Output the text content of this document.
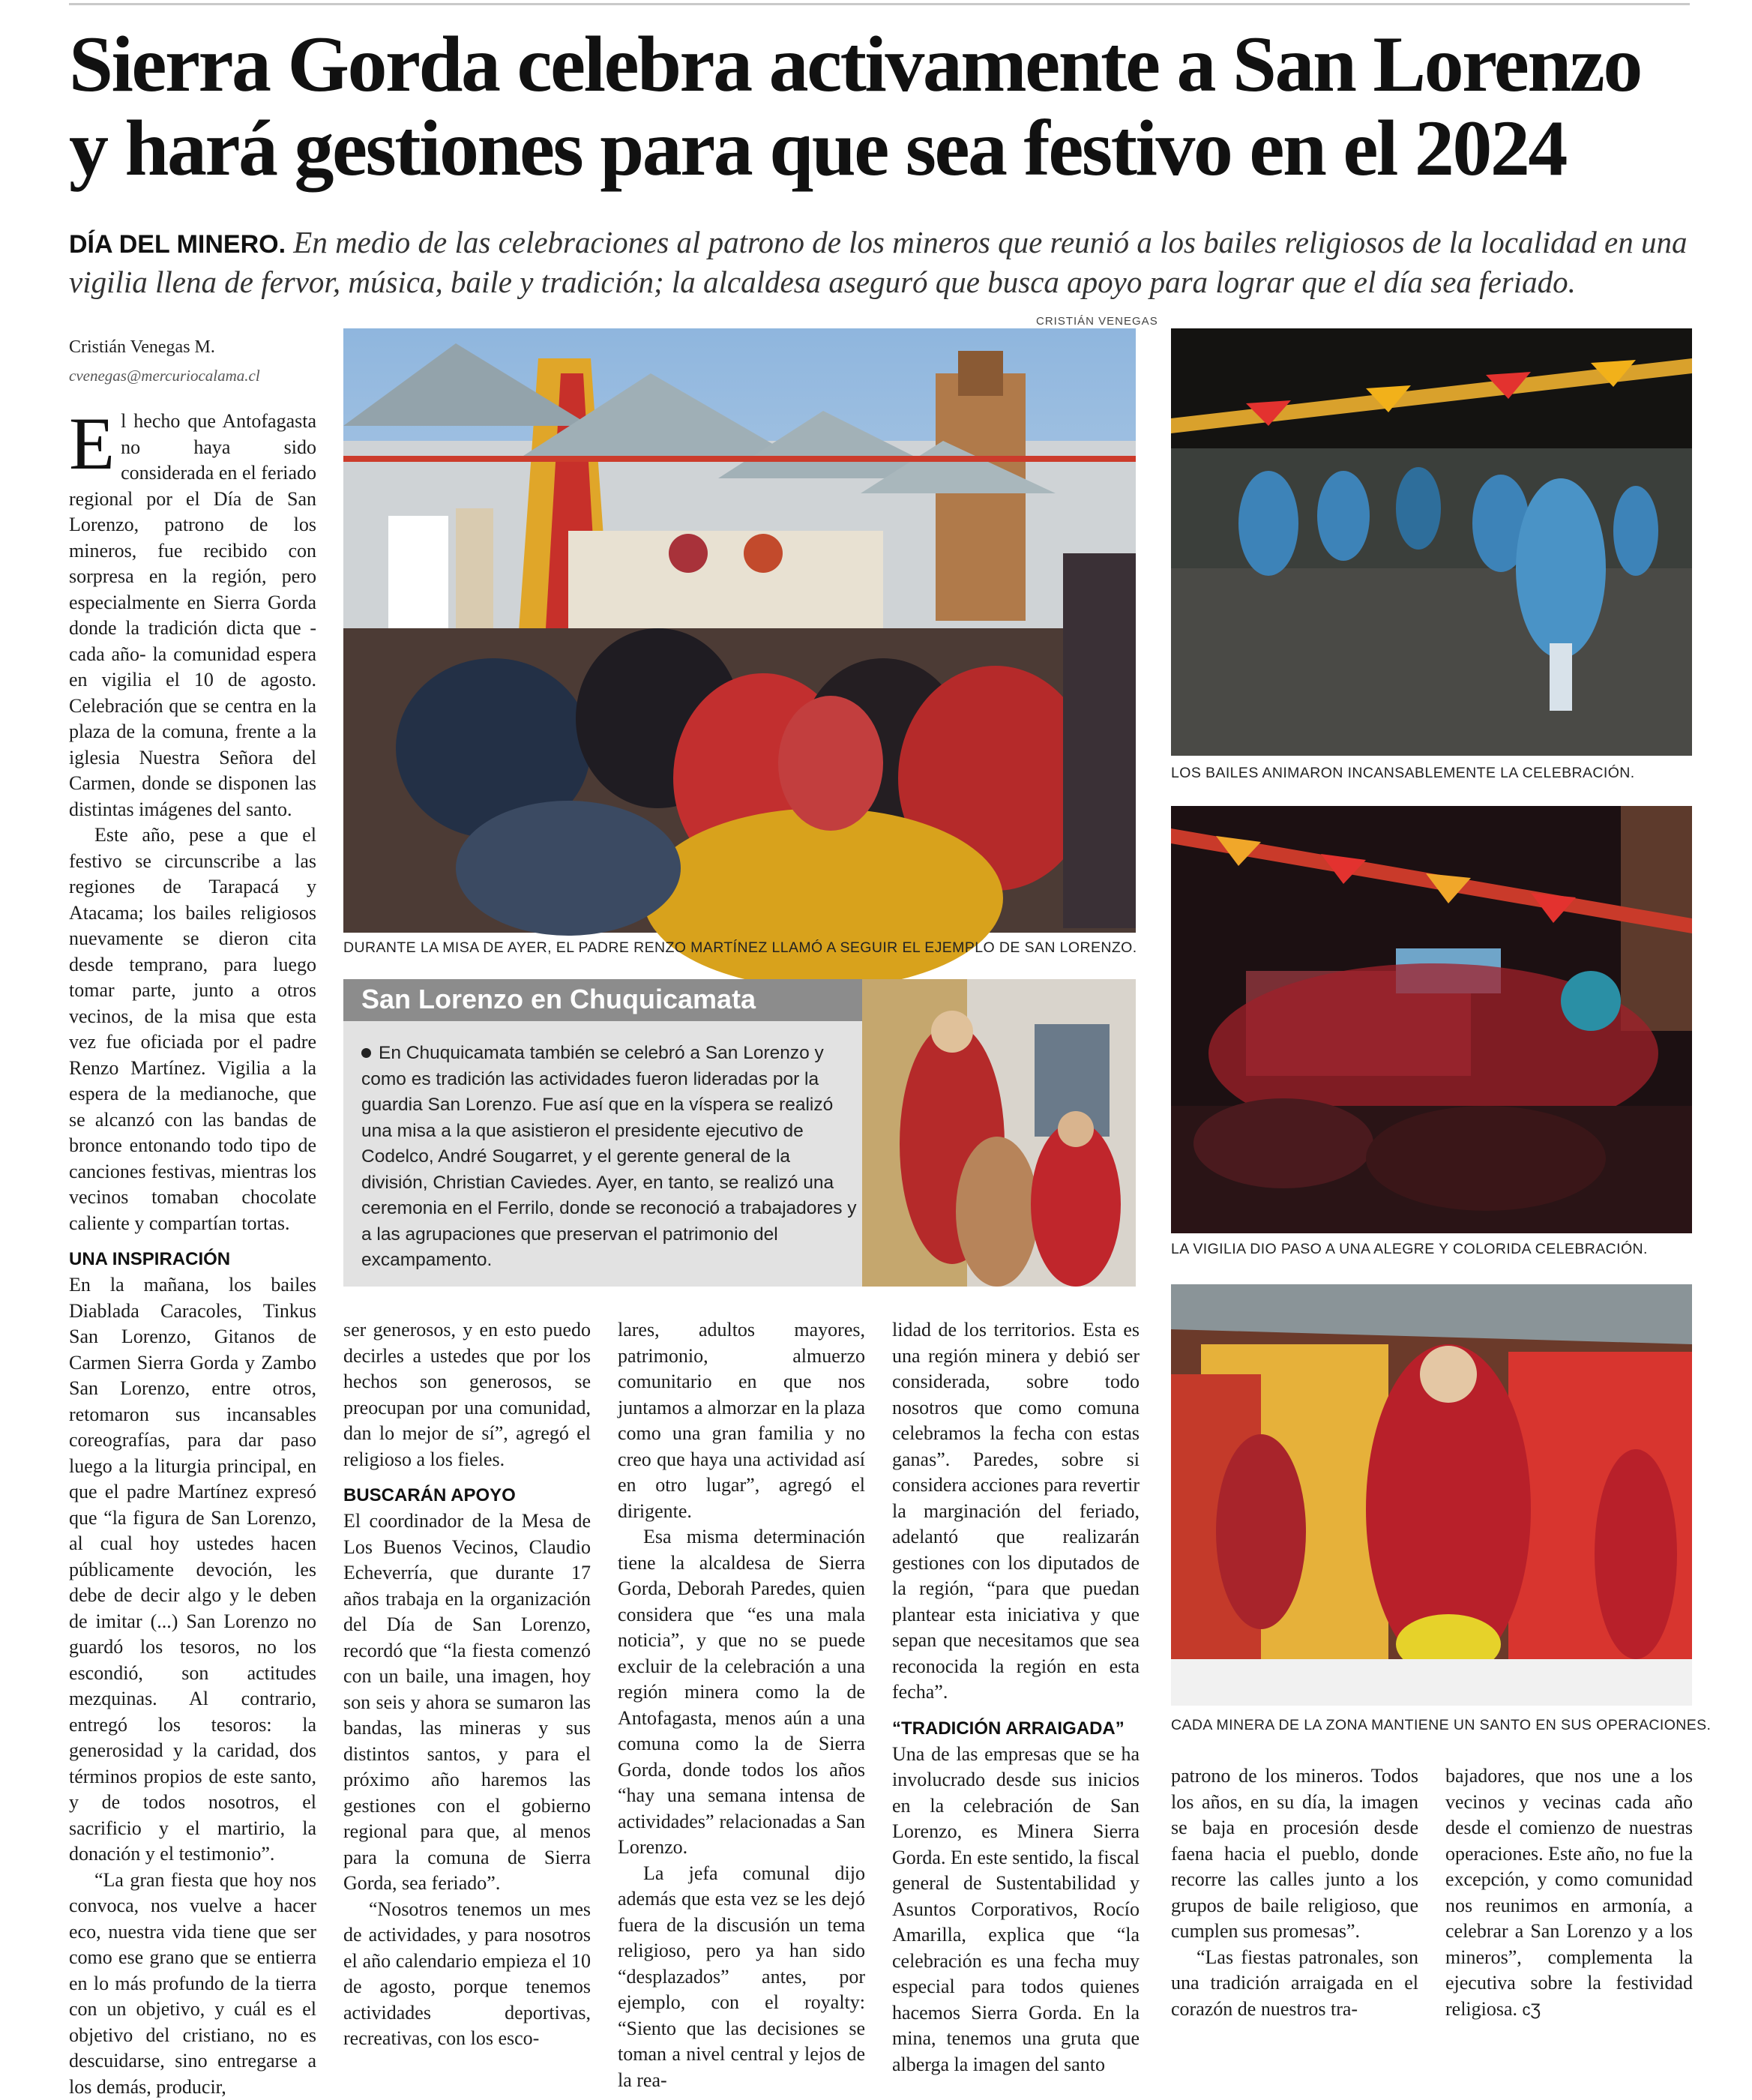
Sierra Gorda celebra activamente a San Lorenzo
y hará gestiones para que sea festivo en el 2024
DÍA DEL MINERO. En medio de las celebraciones al patrono de los mineros que reunió a los bailes religiosos de la localidad en una vigilia llena de fervor, música, baile y tradición; la alcaldesa aseguró que busca apoyo para lograr que el día sea feriado.
Cristián Venegas M.
cvenegas@mercuriocalama.cl

El hecho que Antofagasta no haya sido considerada en el feriado regional por el Día de San Lorenzo, patrono de los mineros, fue recibido con sorpresa en la región, pero especialmente en Sierra Gorda donde la tradición dicta que -cada año- la comunidad espera en vigilia el 10 de agosto. Celebración que se centra en la plaza de la comuna, frente a la iglesia Nuestra Señora del Carmen, donde se disponen las distintas imágenes del santo.

Este año, pese a que el festivo se circunscribe a las regiones de Tarapacá y Atacama; los bailes religiosos nuevamente se dieron cita desde temprano, para luego tomar parte, junto a otros vecinos, de la misa que esta vez fue oficiada por el padre Renzo Martínez. Vigilia a la espera de la medianoche, que se alcanzó con las bandas de bronce entonando todo tipo de canciones festivas, mientras los vecinos tomaban chocolate caliente y compartían tortas.

UNA INSPIRACIÓN

En la mañana, los bailes Diablada Caracoles, Tinkus San Lorenzo, Gitanos de Carmen Sierra Gorda y Zambo San Lorenzo, entre otros, retomaron sus incansables coreografías, para dar paso luego a la liturgia principal, en que el padre Martínez expresó que “la figura de San Lorenzo, al cual hoy ustedes hacen públicamente devoción, les debe de decir algo y le deben de imitar (...) San Lorenzo no guardó los tesoros, no los escondió, son actitudes mezquinas. Al contrario, entregó los tesoros: la generosidad y la caridad, dos términos propios de este santo, y de todos nosotros, el sacrificio y el martirio, la donación y el testimonio”.

“La gran fiesta que hoy nos convoca, nos vuelve a hacer eco, nuestra vida tiene que ser como ese grano que se entierra en lo más profundo de la tierra con un objetivo, y cuál es el objetivo del cristiano, no es descuidarse, sino entregarse a los demás, producir,

CRISTIÁN VENEGAS
DURANTE LA MISA DE AYER, EL PADRE RENZO MARTÍNEZ LLAMÓ A SEGUIR EL EJEMPLO DE SAN LORENZO.
LOS BAILES ANIMARON INCANSABLEMENTE LA CELEBRACIÓN.
LA VIGILIA DIO PASO A UNA ALEGRE Y COLORIDA CELEBRACIÓN.
CADA MINERA DE LA ZONA MANTIENE UN SANTO EN SUS OPERACIONES.
San Lorenzo en Chuquicamata
En Chuquicamata también se celebró a San Lorenzo y como es tradición las actividades fueron lideradas por la guardia San Lorenzo. Fue así que en la víspera se realizó una misa a la que asistieron el presidente ejecutivo de Codelco, André Sougarret, y el gerente general de la división, Christian Caviedes. Ayer, en tanto, se realizó una ceremonia en el Ferrilo, donde se reconoció a trabajadores y a las agrupaciones que preservan el patrimonio del excampamento.

ser generosos, y en esto puedo decirles a ustedes que por los hechos son generosos, se preocupan por una comunidad, dan lo mejor de sí”, agregó el religioso a los fieles.

BUSCARÁN APOYO

El coordinador de la Mesa de Los Buenos Vecinos, Claudio Echeverría, que durante 17 años trabaja en la organización del Día de San Lorenzo, recordó que “la fiesta comenzó con un baile, una imagen, hoy son seis y ahora se sumaron las bandas, las mineras y sus distintos santos, y para el próximo año haremos las gestiones con el gobierno regional para que, al menos para la comuna de Sierra Gorda, sea feriado”.

“Nosotros tenemos un mes de actividades, y para nosotros el año calendario empieza el 10 de agosto, porque tenemos actividades deportivas, recreativas, con los esco-

lares, adultos mayores, patrimonio, almuerzo comunitario en que nos juntamos a almorzar en la plaza como una gran familia y no creo que haya una actividad así en otro lugar”, agregó el dirigente.

Esa misma determinación tiene la alcaldesa de Sierra Gorda, Deborah Paredes, quien considera que “es una mala noticia”, y que no se puede excluir de la celebración a una región minera como la de Antofagasta, menos aún a una comuna como la de Sierra Gorda, donde todos los años “hay una semana intensa de actividades” relacionadas a San Lorenzo.

La jefa comunal dijo además que esta vez se les dejó fuera de la discusión un tema religioso, pero ya han sido “desplazados” antes, por ejemplo, con el royalty: “Siento que las decisiones se toman a nivel central y lejos de la rea-

lidad de los territorios. Esta es una región minera y debió ser considerada, sobre todo nosotros que como comuna celebramos la fecha con estas ganas”. Paredes, sobre si considera acciones para revertir la marginación del feriado, adelantó que realizarán gestiones con los diputados de la región, “para que puedan plantear esta iniciativa y que sepan que necesitamos que sea reconocida la región en esta fecha”.

“TRADICIÓN ARRAIGADA”

Una de las empresas que se ha involucrado desde sus inicios en la celebración de San Lorenzo, es Minera Sierra Gorda. En este sentido, la fiscal general de Sustentabilidad y Asuntos Corporativos, Rocío Amarilla, explica que “la celebración es una fecha muy especial para todos quienes hacemos Sierra Gorda. En la mina, tenemos una gruta que alberga la imagen del santo

patrono de los mineros. Todos los años, en su día, la imagen se baja en procesión desde faena hacia el pueblo, donde recorre las calles junto a los grupos de baile religioso, que cumplen sus promesas”.

“Las fiestas patronales, son una tradición arraigada en el corazón de nuestros tra-

bajadores, que nos une a los vecinos y vecinas cada año desde el comienzo de nuestras operaciones. Este año, no fue la excepción, y como comunidad nos reunimos en armonía, a celebrar a San Lorenzo y a los mineros”, complementa la ejecutiva sobre la festividad religiosa. ᴄƷ
